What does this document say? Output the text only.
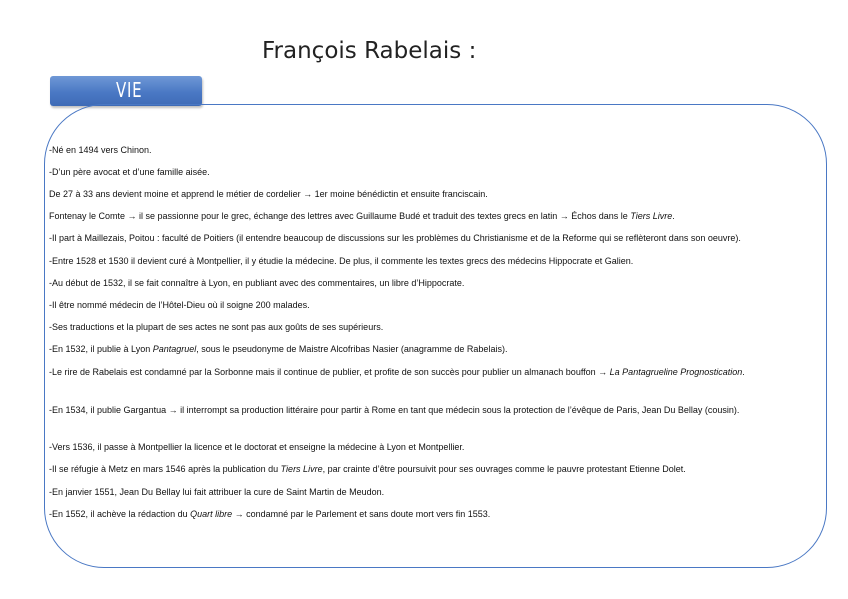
François Rabelais :
VIE
-Né en 1494 vers Chinon.
-D’un père avocat et d’une famille aisée.
De 27 à 33 ans devient moine et apprend le métier de cordelier → 1er moine bénédictin et ensuite franciscain.
Fontenay le Comte → il se passionne pour le grec, échange des lettres avec Guillaume Budé et traduit des textes grecs en latin → Échos dans le Tiers Livre.
-Il part à Maillezais, Poitou : faculté de Poitiers (il entendre beaucoup de discussions sur les problèmes du Christianisme et de la Reforme qui se reflèteront dans son oeuvre).
-Entre 1528 et 1530 il devient curé à Montpellier, il y étudie la médecine. De plus, il commente les textes grecs des médecins Hippocrate et Galien.
-Au début de 1532, il se fait connaître à Lyon, en publiant avec des commentaires, un libre d’Hippocrate.
-Il être nommé médecin de l’Hôtel-Dieu où il soigne 200 malades.
-Ses traductions et la plupart de ses actes ne sont pas aux goûts de ses supérieurs.
-En 1532, il publie à Lyon Pantagruel, sous le pseudonyme de Maistre Alcofribas Nasier (anagramme de Rabelais).
-Le rire de Rabelais est condamné par la Sorbonne mais il continue de publier, et profite de son succès pour publier un almanach bouffon → La Pantagrueline Prognostication.
-En 1534, il publie Gargantua → il interrompt sa production littéraire pour partir à Rome en tant que médecin sous la protection de l’évêque de Paris, Jean Du Bellay (cousin).
-Vers 1536, il passe à Montpellier la licence et le doctorat et enseigne la médecine à Lyon et Montpellier.
-Il se réfugie à Metz en mars 1546 après la publication du Tiers Livre, par crainte d’être poursuivit pour ses ouvrages comme le pauvre protestant Etienne Dolet.
-En janvier 1551, Jean Du Bellay lui fait attribuer la cure de Saint Martin de Meudon.
-En 1552, il achève la rédaction du Quart libre → condamné par le Parlement et sans doute mort vers fin 1553.
